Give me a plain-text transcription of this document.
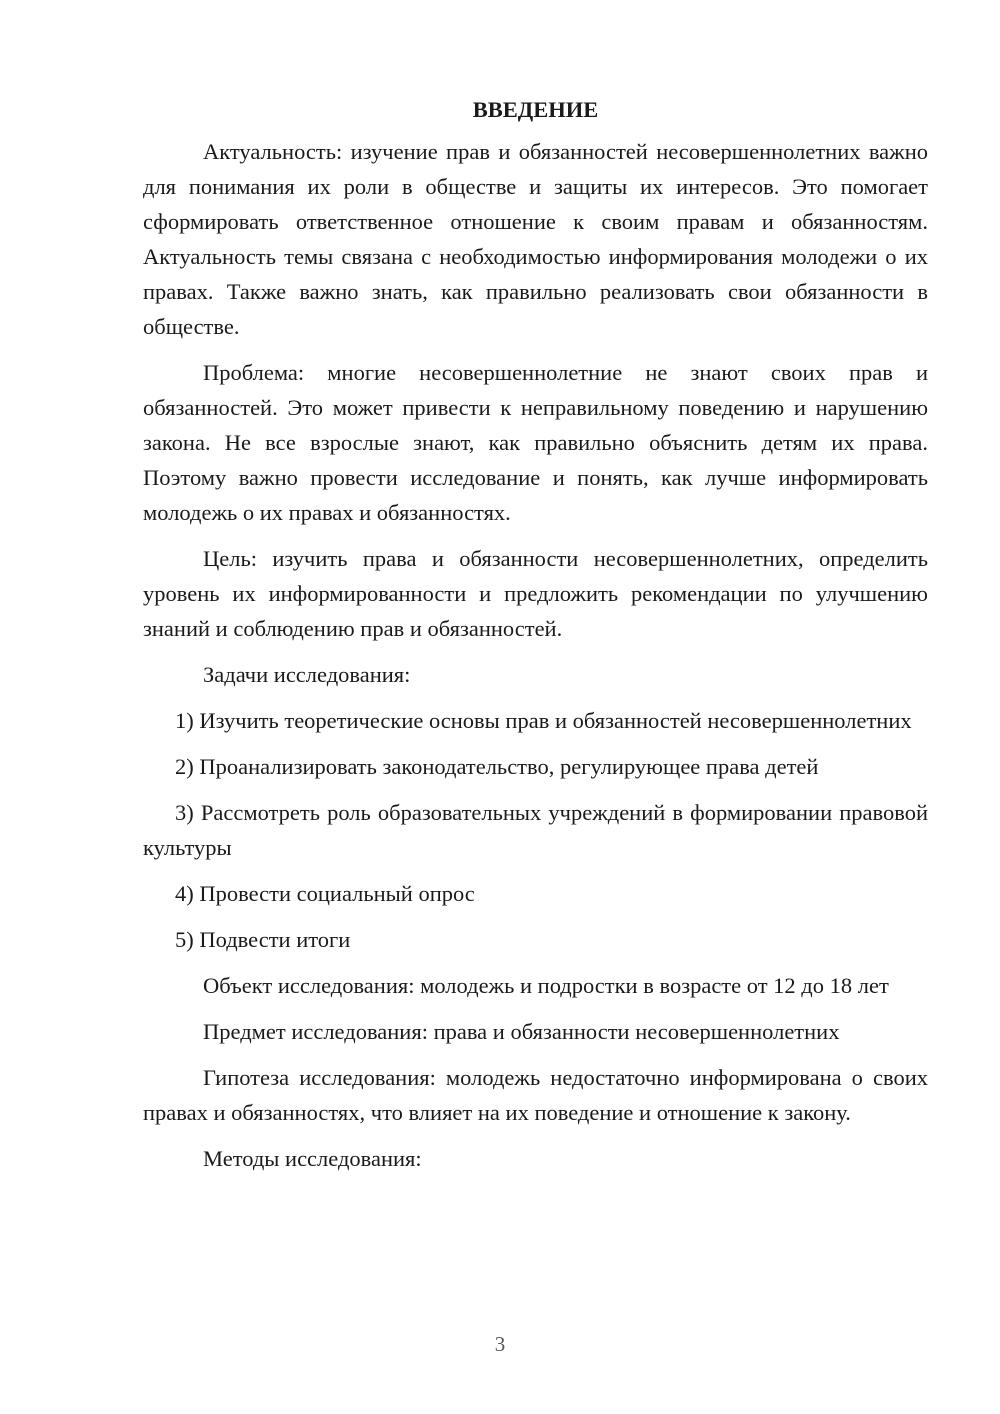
ВВЕДЕНИЕ

Актуальность: изучение прав и обязанностей несовершеннолетних важно для понимания их роли в обществе и защиты их интересов. Это помогает сформировать ответственное отношение к своим правам и обязанностям. Актуальность темы связана с необходимостью информирования молодежи о их правах. Также важно знать, как правильно реализовать свои обязанности в обществе.

Проблема: многие несовершеннолетние не знают своих прав и обязанностей. Это может привести к неправильному поведению и нарушению закона. Не все взрослые знают, как правильно объяснить детям их права. Поэтому важно провести исследование и понять, как лучше информировать молодежь о их правах и обязанностях.

Цель: изучить права и обязанности несовершеннолетних, определить уровень их информированности и предложить рекомендации по улучшению знаний и соблюдению прав и обязанностей.

Задачи исследования:

1) Изучить теоретические основы прав и обязанностей несовершеннолетних

2) Проанализировать законодательство, регулирующее права детей

3) Рассмотреть роль образовательных учреждений в формировании правовой культуры

4) Провести социальный опрос

5) Подвести итоги

Объект исследования: молодежь и подростки в возрасте от 12 до 18 лет

Предмет исследования: права и обязанности несовершеннолетних

Гипотеза исследования: молодежь недостаточно информирована о своих правах и обязанностях, что влияет на их поведение и отношение к закону.

Методы исследования:

3
